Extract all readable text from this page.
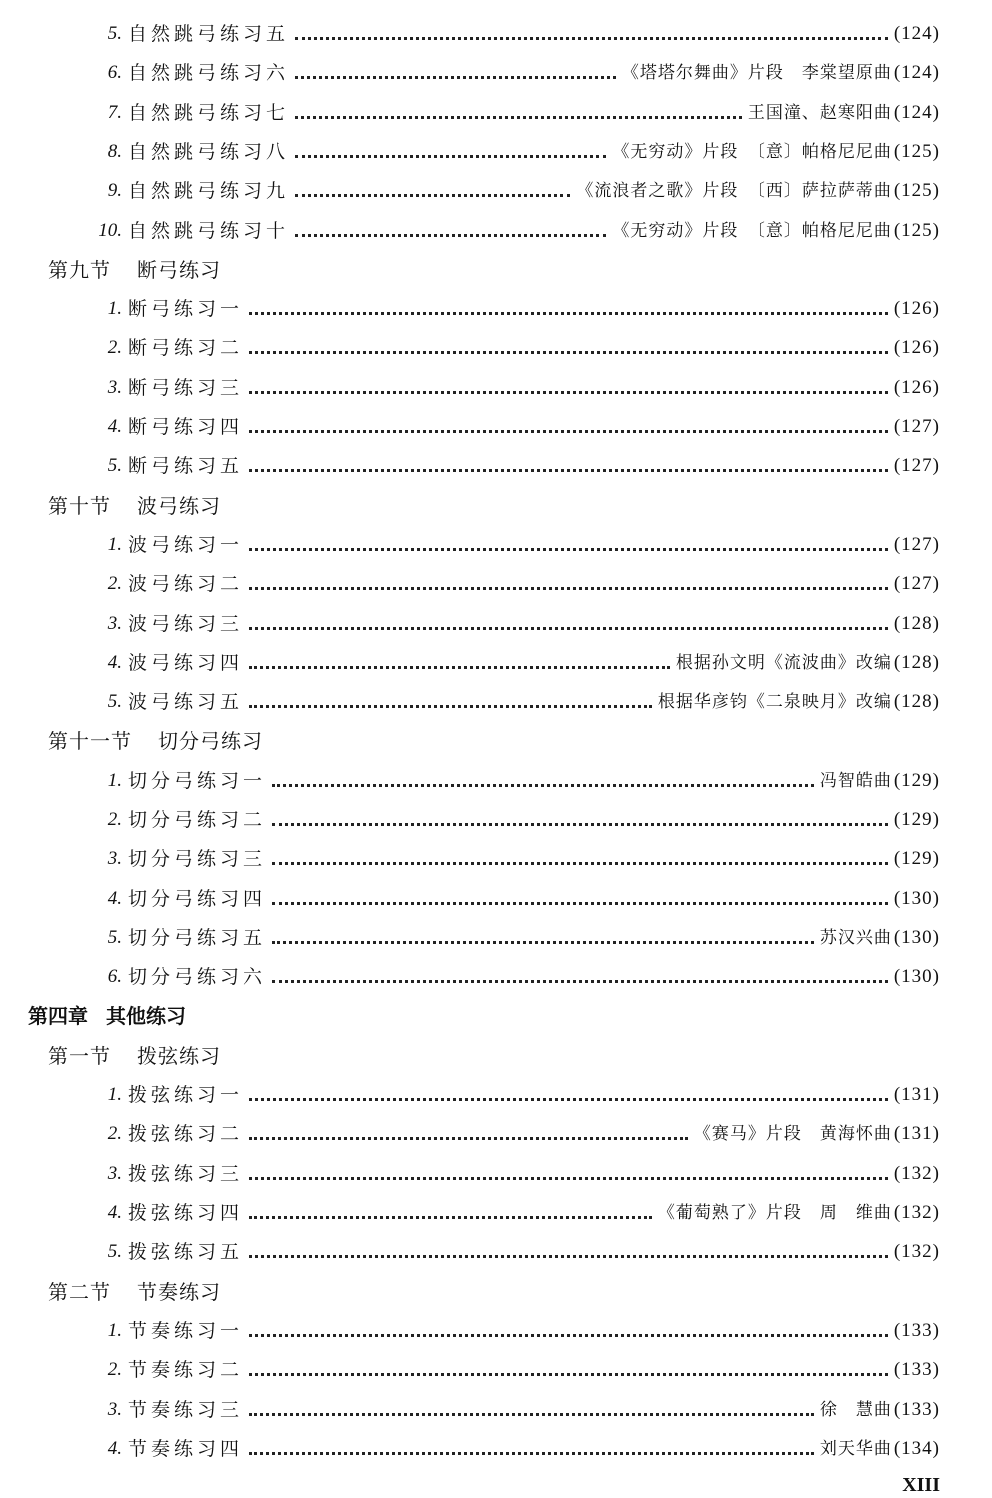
5. 自然跳弓练习五	(124)
6. 自然跳弓练习六	《塔塔尔舞曲》片段　李棠望原曲 (124)
7. 自然跳弓练习七	王国潼、赵寒阳曲 (124)
8. 自然跳弓练习八	《无穷动》片段　〔意〕帕格尼尼曲 (125)
9. 自然跳弓练习九	《流浪者之歌》片段　〔西〕萨拉萨蒂曲 (125)
10. 自然跳弓练习十	《无穷动》片段　〔意〕帕格尼尼曲 (125)
第九节 断弓练习
1. 断弓练习一	(126)
2. 断弓练习二	(126)
3. 断弓练习三	(126)
4. 断弓练习四	(127)
5. 断弓练习五	(127)
第十节 波弓练习
1. 波弓练习一	(127)
2. 波弓练习二	(127)
3. 波弓练习三	(128)
4. 波弓练习四	根据孙文明《流波曲》改编 (128)
5. 波弓练习五	根据华彦钧《二泉映月》改编 (128)
第十一节 切分弓练习
1. 切分弓练习一	冯智皓曲 (129)
2. 切分弓练习二	(129)
3. 切分弓练习三	(129)
4. 切分弓练习四	(130)
5. 切分弓练习五	苏汉兴曲 (130)
6. 切分弓练习六	(130)
第四章 其他练习
第一节 拨弦练习
1. 拨弦练习一	(131)
2. 拨弦练习二	《赛马》片段　黄海怀曲 (131)
3. 拨弦练习三	(132)
4. 拨弦练习四	《葡萄熟了》片段　周　维曲 (132)
5. 拨弦练习五	(132)
第二节 节奏练习
1. 节奏练习一	(133)
2. 节奏练习二	(133)
3. 节奏练习三	徐　慧曲 (133)
4. 节奏练习四	刘天华曲 (134)
XIII
